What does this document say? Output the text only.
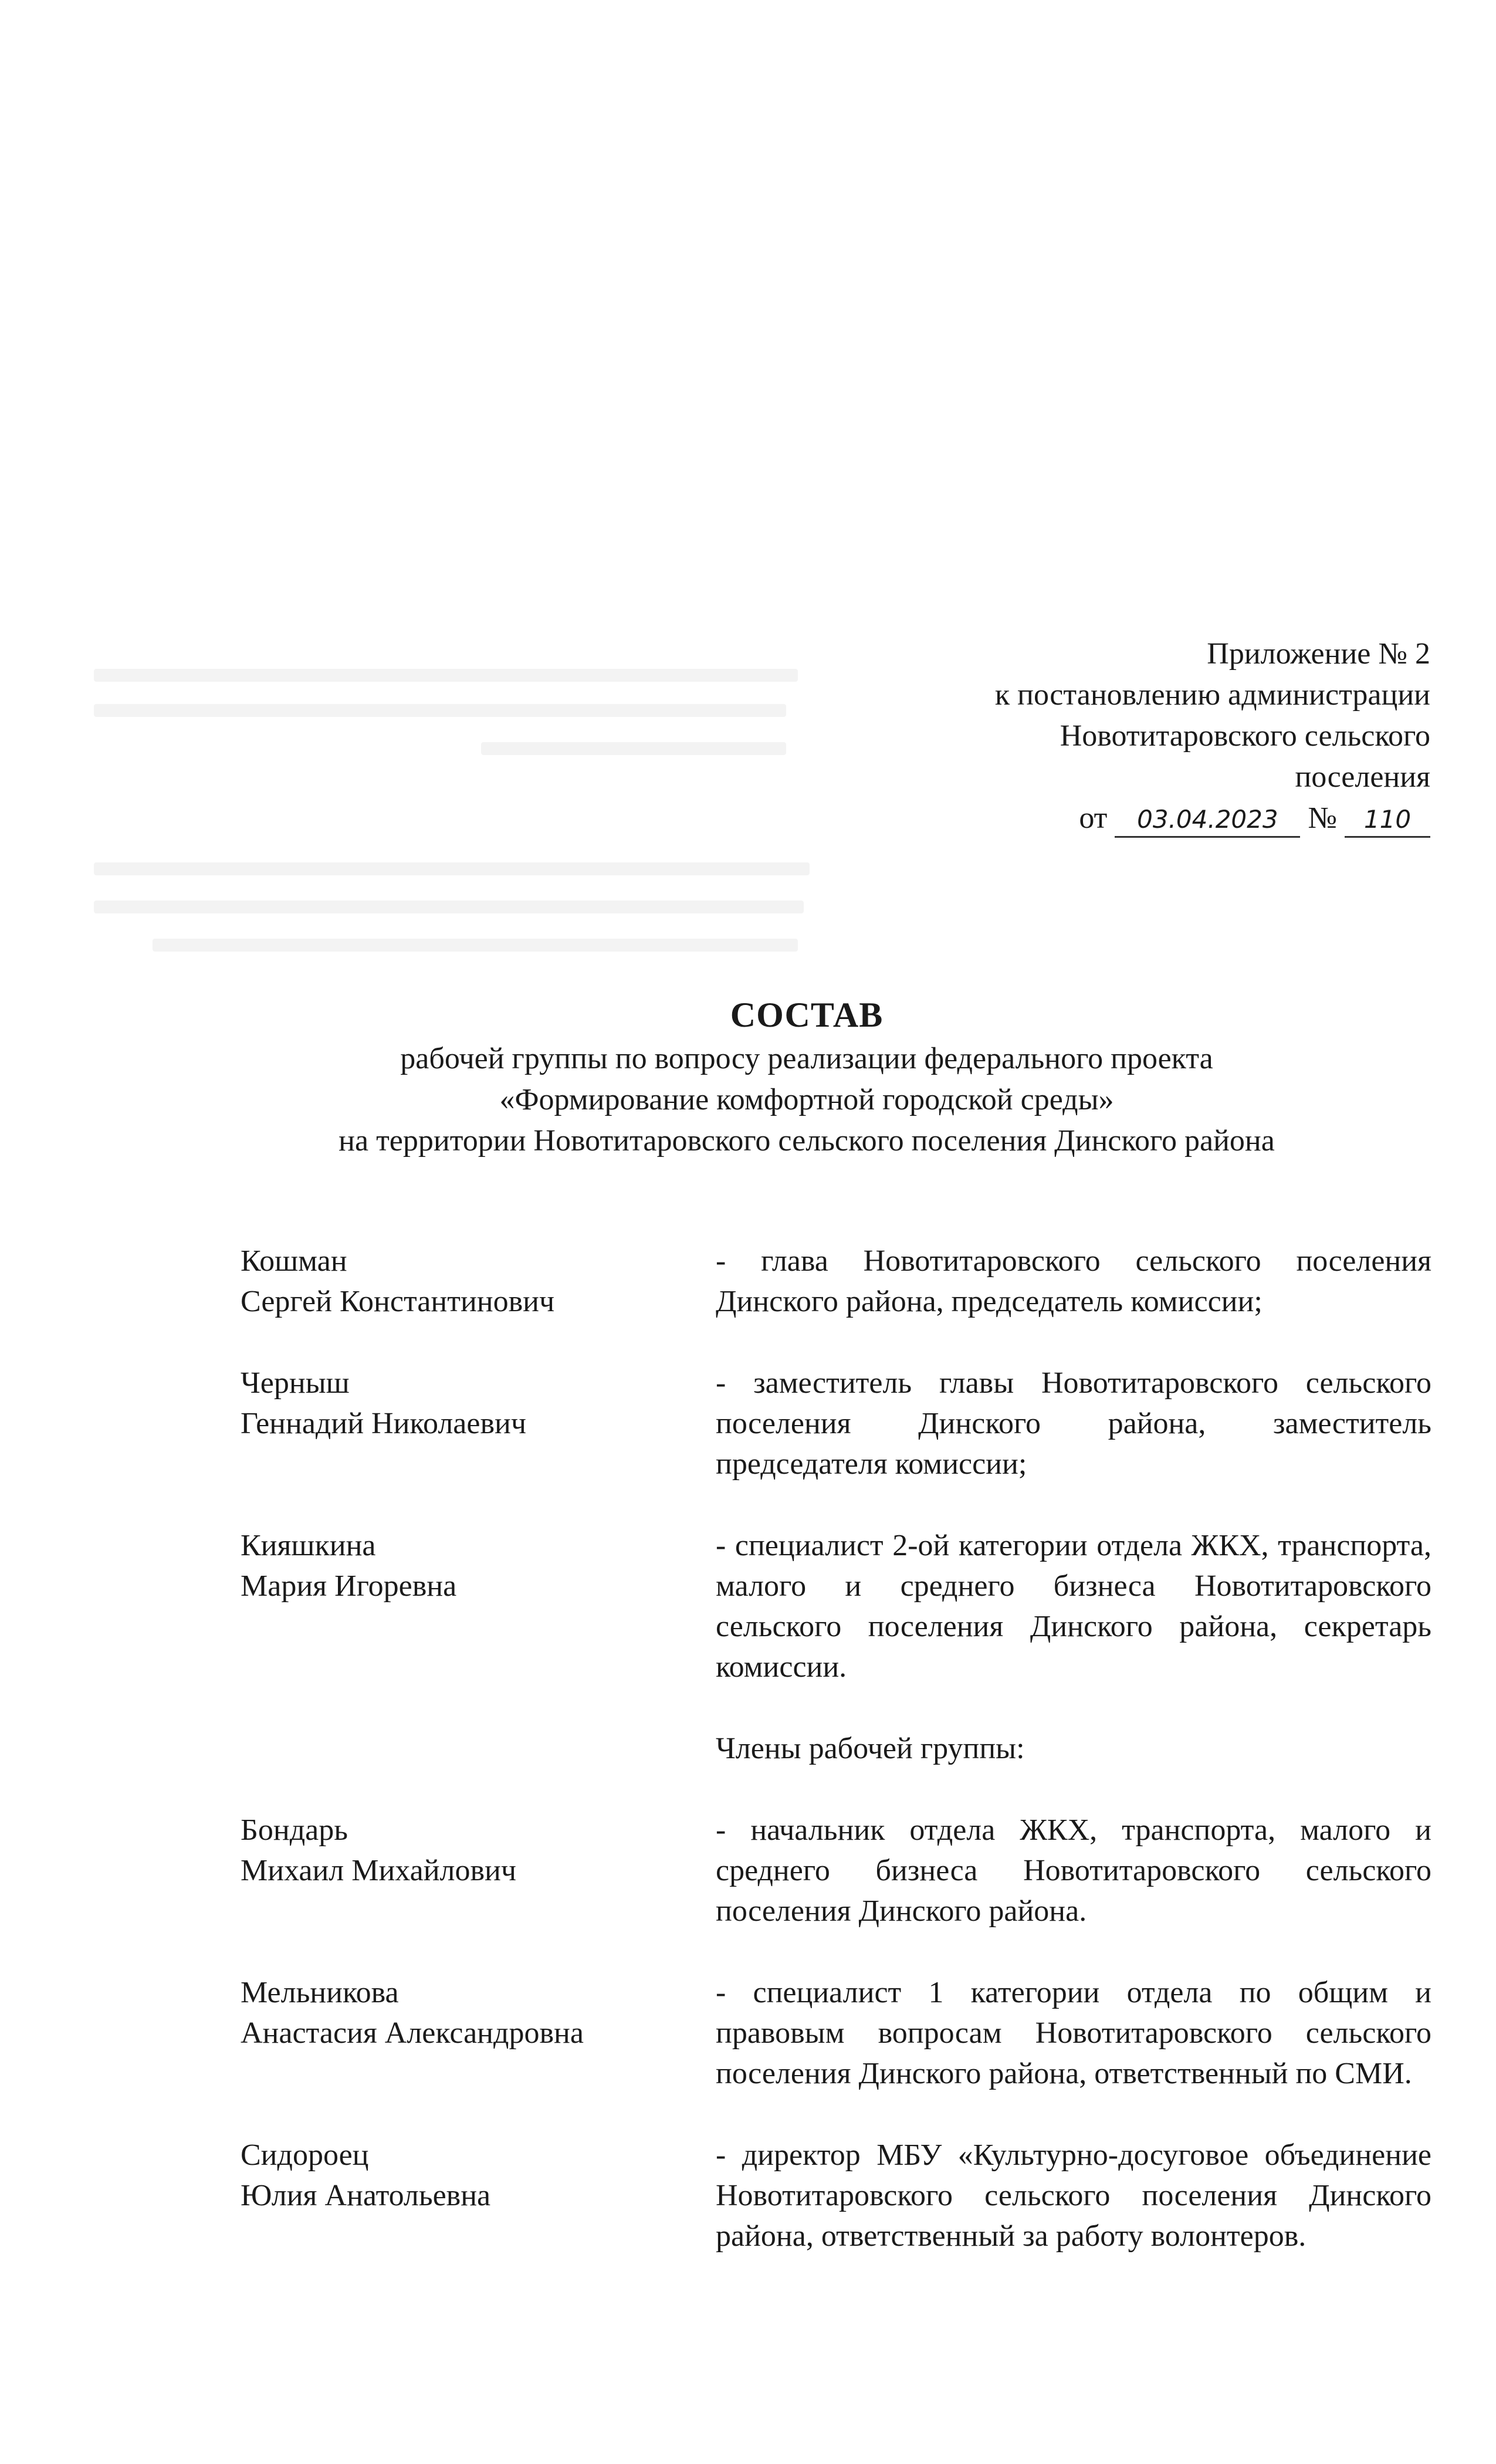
Приложение № 2
к постановлению администрации
Новотитаровского сельского
поселения
от 03.04.2023 № 110
СОСТАВ
рабочей группы по вопросу реализации федерального проекта
«Формирование комфортной городской среды»
на территории Новотитаровского сельского поселения Динского района
Кошман
Сергей Константинович
- глава Новотитаровского сельского поселения Динского района, председатель комиссии;
Черныш
Геннадий Николаевич
- заместитель главы Новотитаровского сельского поселения Динского района, заместитель председателя комиссии;
Кияшкина
Мария Игоревна
- специалист 2-ой категории отдела ЖКХ, транспорта, малого и среднего бизнеса Новотитаровского сельского поселения Динского района, секретарь комиссии.
Члены рабочей группы:
Бондарь
Михаил Михайлович
- начальник отдела ЖКХ, транспорта, малого и среднего бизнеса Новотитаровского сельского поселения Динского района.
Мельникова
Анастасия Александровна
- специалист 1 категории отдела по общим и правовым вопросам Новотитаровского сельского поселения Динского района, ответственный по СМИ.
Сидороец
Юлия Анатольевна
- директор МБУ «Культурно-досуговое объединение Новотитаровского сельского поселения Динского района, ответственный за работу волонтеров.
